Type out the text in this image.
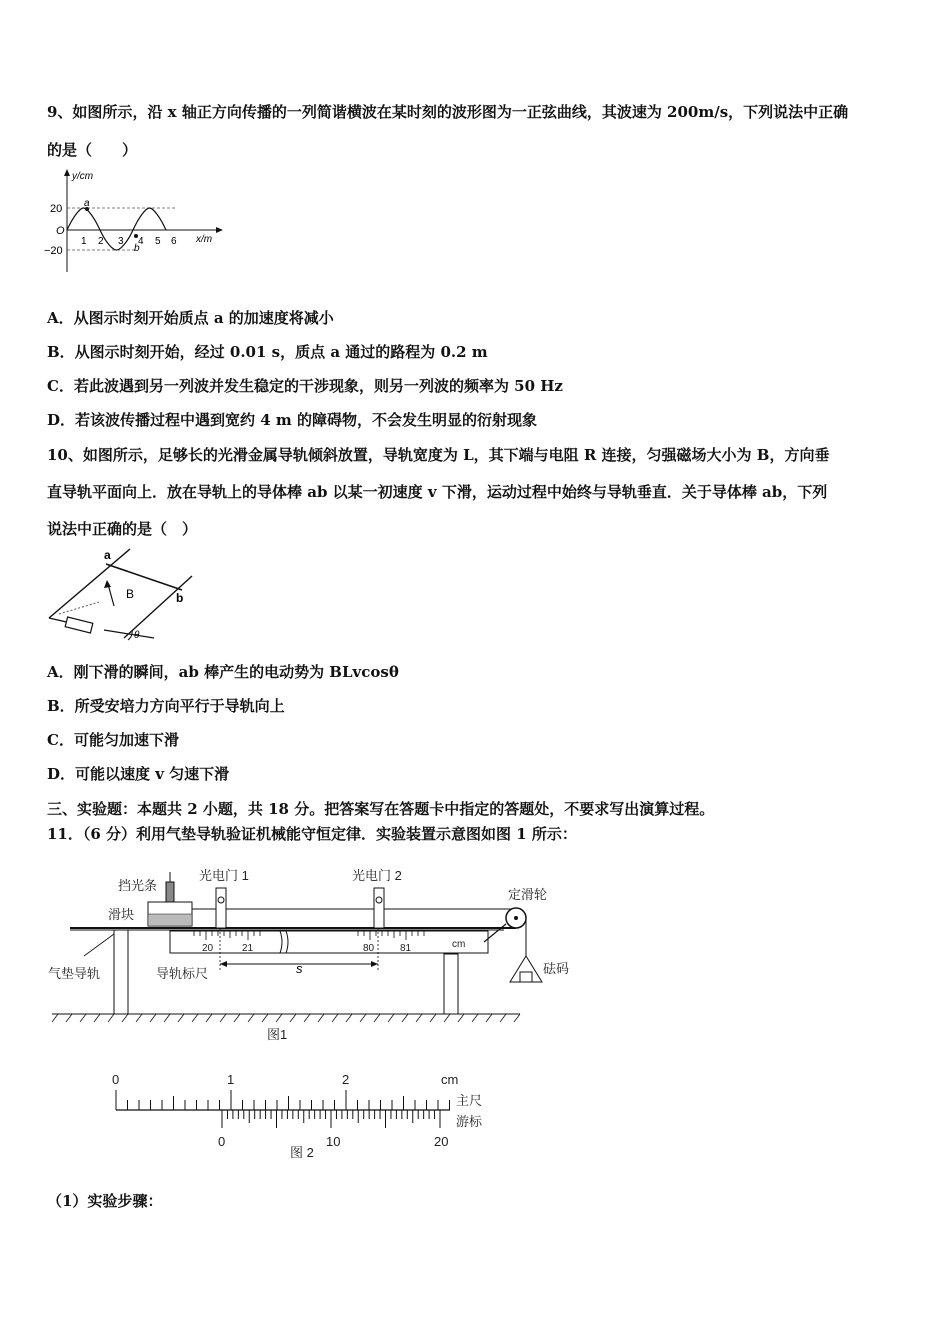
9、如图所示，沿 x 轴正方向传播的一列简谐横波在某时刻的波形图为一正弦曲线，其波速为 200m/s，下列说法中正确
的是（　　）
y/cm
x/m
O
20
−20
a
b
1 2 3 4 5 6
A．从图示时刻开始质点 a 的加速度将减小
B．从图示时刻开始，经过 0.01 s，质点 a 通过的路程为 0.2 m
C．若此波遇到另一列波并发生稳定的干涉现象，则另一列波的频率为 50 Hz
D．若该波传播过程中遇到宽约 4 m 的障碍物，不会发生明显的衍射现象
10、如图所示，足够长的光滑金属导轨倾斜放置，导轨宽度为 L，其下端与电阻 R 连接，匀强磁场大小为 B，方向垂
直导轨平面向上．放在导轨上的导体棒 ab 以某一初速度 v 下滑，运动过程中始终与导轨垂直．关于导体棒 ab，下列
说法中正确的是（　）
a
b
B
θ
A．刚下滑的瞬间，ab 棒产生的电动势为 BLvcosθ
B．所受安培力方向平行于导轨向上
C．可能匀加速下滑
D．可能以速度 v 匀速下滑
三、实验题：本题共 2 小题，共 18 分。把答案写在答题卡中指定的答题处，不要求写出演算过程。
11．（6 分）利用气垫导轨验证机械能守恒定律．实验装置示意图如图 1 所示：
挡光条
光电门 1	光电门 2
定滑轮
滑块
气垫导轨	导轨标尺	砝码
图1
20	21	80	81	cm
s
0	1	2	cm
主尺
游标
0	10	20
图 2
（1）实验步骤：
